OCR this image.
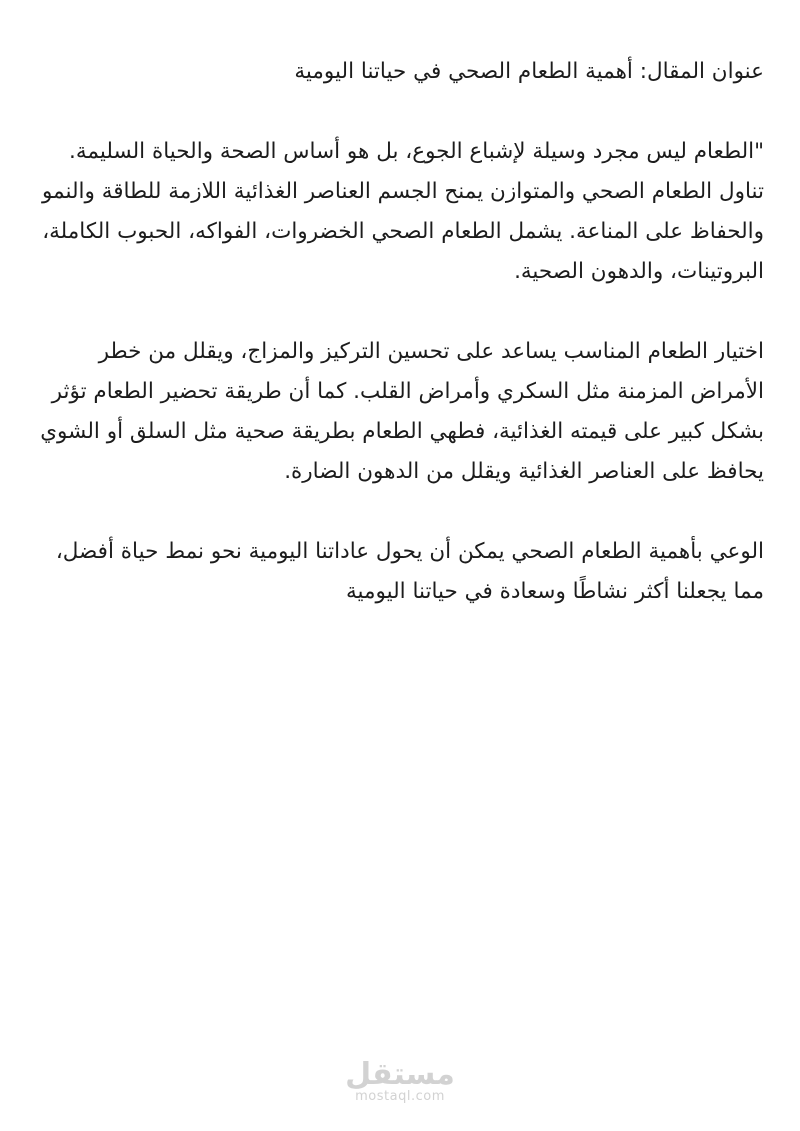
عنوان المقال: أهمية الطعام الصحي في حياتنا اليومية

"الطعام ليس مجرد وسيلة لإشباع الجوع، بل هو أساس الصحة والحياة السليمة. تناول الطعام الصحي والمتوازن يمنح الجسم العناصر الغذائية اللازمة للطاقة والنمو والحفاظ على المناعة. يشمل الطعام الصحي الخضروات، الفواكه، الحبوب الكاملة، البروتينات، والدهون الصحية.

اختيار الطعام المناسب يساعد على تحسين التركيز والمزاج، ويقلل من خطر الأمراض المزمنة مثل السكري وأمراض القلب. كما أن طريقة تحضير الطعام تؤثر بشكل كبير على قيمته الغذائية، فطهي الطعام بطريقة صحية مثل السلق أو الشوي يحافظ على العناصر الغذائية ويقلل من الدهون الضارة.

الوعي بأهمية الطعام الصحي يمكن أن يحول عاداتنا اليومية نحو نمط حياة أفضل، مما يجعلنا أكثر نشاطًا وسعادة في حياتنا اليومية

مستقل
mostaql.com
